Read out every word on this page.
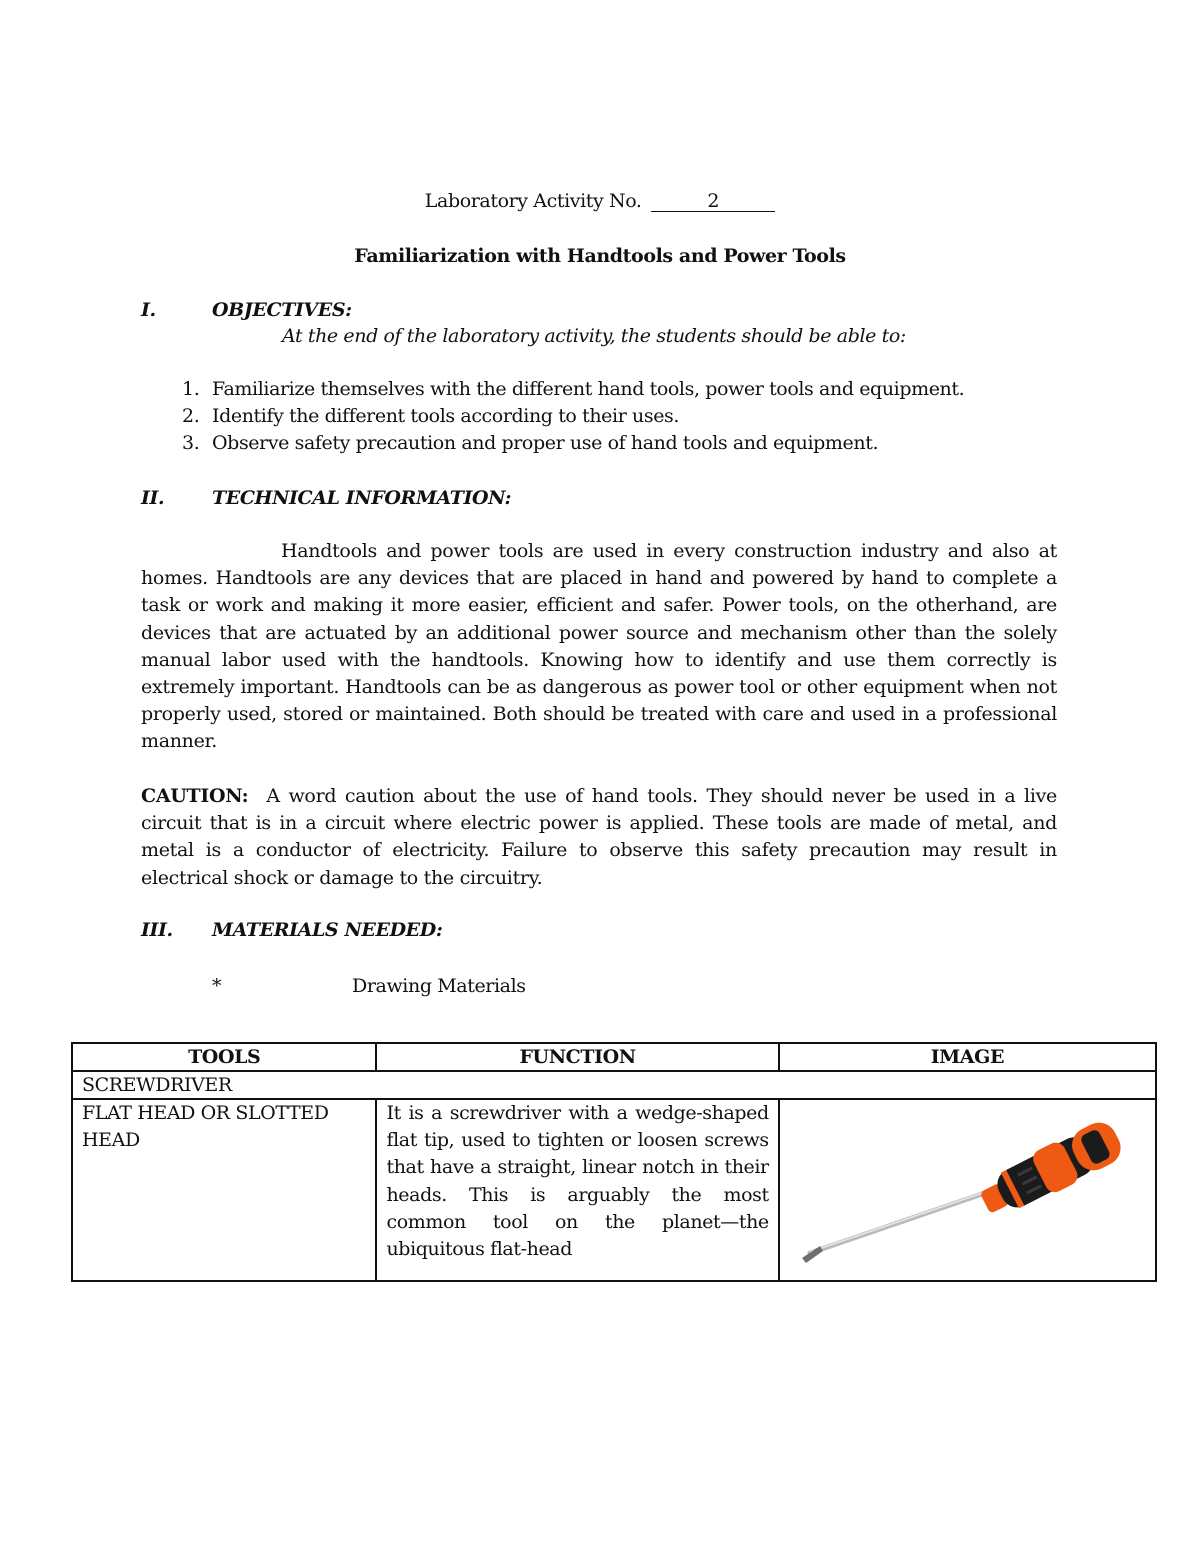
Laboratory Activity No.	2
Familiarization with Handtools and Power Tools
I.	OBJECTIVES:
At the end of the laboratory activity, the students should be able to:
1. Familiarize themselves with the different hand tools, power tools and equipment.
2. Identify the different tools according to their uses.
3. Observe safety precaution and proper use of hand tools and equipment.
II.	TECHNICAL INFORMATION:
Handtools and power tools are used in every construction industry and also at homes. Handtools are any devices that are placed in hand and powered by hand to complete a task or work and making it more easier, efficient and safer. Power tools, on the otherhand, are devices that are actuated by an additional power source and mechanism other than the solely manual labor used with the handtools. Knowing how to identify and use them correctly is extremely important. Handtools can be as dangerous as power tool or other equipment when not properly used, stored or maintained. Both should be treated with care and used in a professional manner.
CAUTION: A word caution about the use of hand tools. They should never be used in a live circuit that is in a circuit where electric power is applied. These tools are made of metal, and metal is a conductor of electricity. Failure to observe this safety precaution may result in electrical shock or damage to the circuitry.
III. MATERIALS NEEDED:
*	Drawing Materials
TOOLS	FUNCTION	IMAGE
SCREWDRIVER		
FLAT HEAD OR SLOTTED HEAD	It is a screwdriver with a wedge-shaped flat tip, used to tighten or loosen screws that have a straight, linear notch in their heads. This is arguably the most common tool on the planet—the ubiquitous flat-head	
